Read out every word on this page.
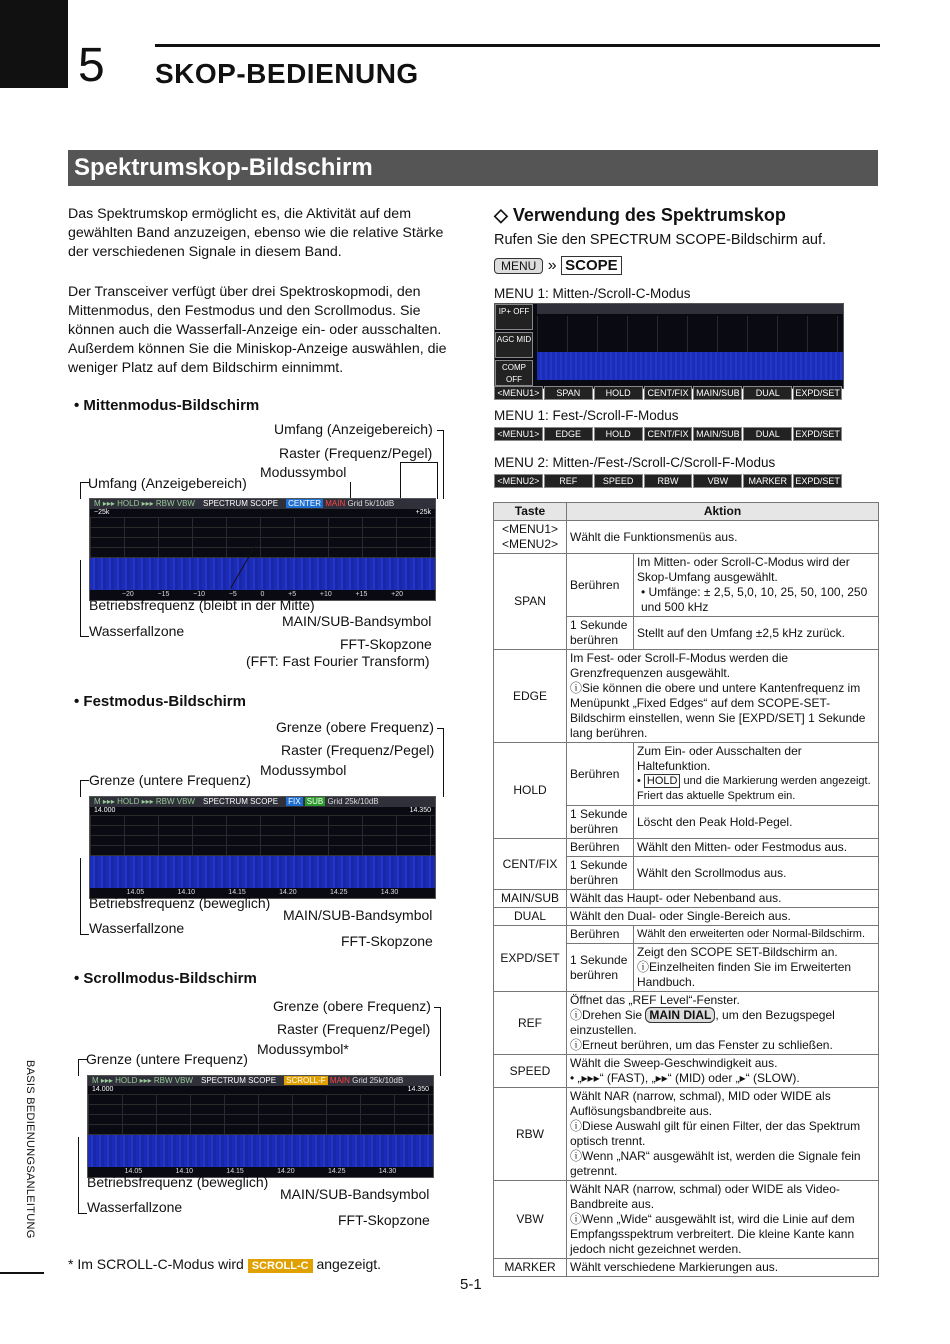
5 SKOP-BEDIENUNG
Spektrumskop-Bildschirm

Das Spektrumskop ermöglicht es, die Aktivität auf dem gewählten Band anzuzeigen, ebenso wie die relative Stärke der verschiedenen Signale in diesem Band.

Der Transceiver verfügt über drei Spektroskopmodi, den Mittenmodus, den Festmodus und den Scrollmodus. Sie können auch die Wasserfall-Anzeige ein- oder ausschalten. Außerdem können Sie die Miniskop-Anzeige auswählen, die weniger Platz auf dem Bildschirm einnimmt.

• Mittenmodus-Bildschirm
Umfang (Anzeigebereich)
Raster (Frequenz/Pegel)
Modussymbol
Umfang (Anzeigebereich)
M ▸▸▸ HOLD ▸▸▸ RBW VBW SPECTRUM SCOPE CENTER MAIN Grid 5k/10dB
−25k	+25k
−20	−15	−10	−5	0	+5	+10	+15	+20
Betriebsfrequenz (bleibt in der Mitte)
MAIN/SUB-Bandsymbol
Wasserfallzone
FFT-Skopzone
(FFT: Fast Fourier Transform)
• Festmodus-Bildschirm
Grenze (obere Frequenz)
Raster (Frequenz/Pegel)
Modussymbol
Grenze (untere Frequenz)
M ▸▸▸ HOLD ▸▸▸ RBW VBW SPECTRUM SCOPE FIX SUB Grid 25k/10dB
14.000	14.350
14.05	14.10	14.15	14.20	14.25	14.30
Betriebsfrequenz (beweglich)
MAIN/SUB-Bandsymbol
Wasserfallzone
FFT-Skopzone
• Scrollmodus-Bildschirm
Grenze (obere Frequenz)
Raster (Frequenz/Pegel)
Modussymbol*
Grenze (untere Frequenz)
M ▸▸▸ HOLD ▸▸▸ RBW VBW SPECTRUM SCOPE SCROLL-F MAIN Grid 25k/10dB
14.000	14.350
14.05	14.10	14.15	14.20	14.25	14.30
Betriebsfrequenz (beweglich)
MAIN/SUB-Bandsymbol
Wasserfallzone
FFT-Skopzone
* Im SCROLL-C-Modus wird SCROLL-C angezeigt.
◇ Verwendung des Spektrumskop
Rufen Sie den SPECTRUM SCOPE-Bildschirm auf.
MENU » SCOPE
MENU 1: Mitten-/Scroll-C-Modus
IP+ OFF
AGC MID
COMP OFF
<MENU1>	SPAN	HOLD	CENT/FIX MAIN/SUB	DUAL	EXPD/SET
MENU 1: Fest-/Scroll-F-Modus
<MENU1>	EDGE	HOLD	CENT/FIX MAIN/SUB	DUAL	EXPD/SET
MENU 2: Mitten-/Fest-/Scroll-C/Scroll-F-Modus
<MENU2>	REF	SPEED	RBW	VBW	MARKER EXPD/SET
Taste	Aktion	
<MENU1>
<MENU2>	Wählt die Funktionsmenüs aus.	
SPAN	Berühren	Im Mitten- oder Scroll-C-Modus wird der Skop-Umfang ausgewählt.
• Umfänge: ± 2,5, 5,0, 10, 25, 50, 100, 250 und 500 kHz

	1 Sekunde berühren	Stellt auf den Umfang ±2,5 kHz zurück.
EDGE	Im Fest- oder Scroll-F-Modus werden die Grenzfrequenzen ausgewählt.
ⓘSie können die obere und untere Kantenfrequenz im Menüpunkt „Fixed Edges“ auf dem SCOPE-SET-Bildschirm einstellen, wenn Sie [EXPD/SET] 1 Sekunde lang berühren.	

HOLD	Berühren	Zum Ein- oder Ausschalten der Haltefunktion.
• HOLD und die Markierung werden angezeigt. Friert das aktuelle Spektrum ein.

	1 Sekunde berühren	Löscht den Peak Hold-Pegel.
CENT/FIX	Berühren	Wählt den Mitten- oder Festmodus aus.
	1 Sekunde berühren	Wählt den Scrollmodus aus.
MAIN/SUB	Wählt das Haupt- oder Nebenband aus.	
DUAL	Wählt den Dual- oder Single-Bereich aus.	
EXPD/SET	Berühren	Wählt den erweiterten oder Normal-Bildschirm.
	1 Sekunde berühren	Zeigt den SCOPE SET-Bildschirm an.
ⓘEinzelheiten finden Sie im Erweiterten Handbuch.

REF	Öffnet das „REF Level“-Fenster.
ⓘDrehen Sie MAIN DIAL , um den Bezugspegel einzustellen.
ⓘErneut berühren, um das Fenster zu schließen.	

SPEED	Wählt die Sweep-Geschwindigkeit aus.
• „▸▸▸“ (FAST), „▸▸“ (MID) oder „▸“ (SLOW).	

RBW	Wählt NAR (narrow, schmal), MID oder WIDE als Auflösungsbandbreite aus.
ⓘDiese Auswahl gilt für einen Filter, der das Spektrum optisch trennt.
ⓘWenn „NAR“ ausgewählt ist, werden die Signale fein getrennt.	

VBW	Wählt NAR (narrow, schmal) oder WIDE als Video-Bandbreite aus.
ⓘWenn „Wide“ ausgewählt ist, wird die Linie auf dem Empfangsspektrum verbreitert. Die kleine Kante kann jedoch nicht gezeichnet werden.	

MARKER	Wählt verschiedene Markierungen aus.	
BASIS BEDIENUNGSANLEITUNG
5-1
